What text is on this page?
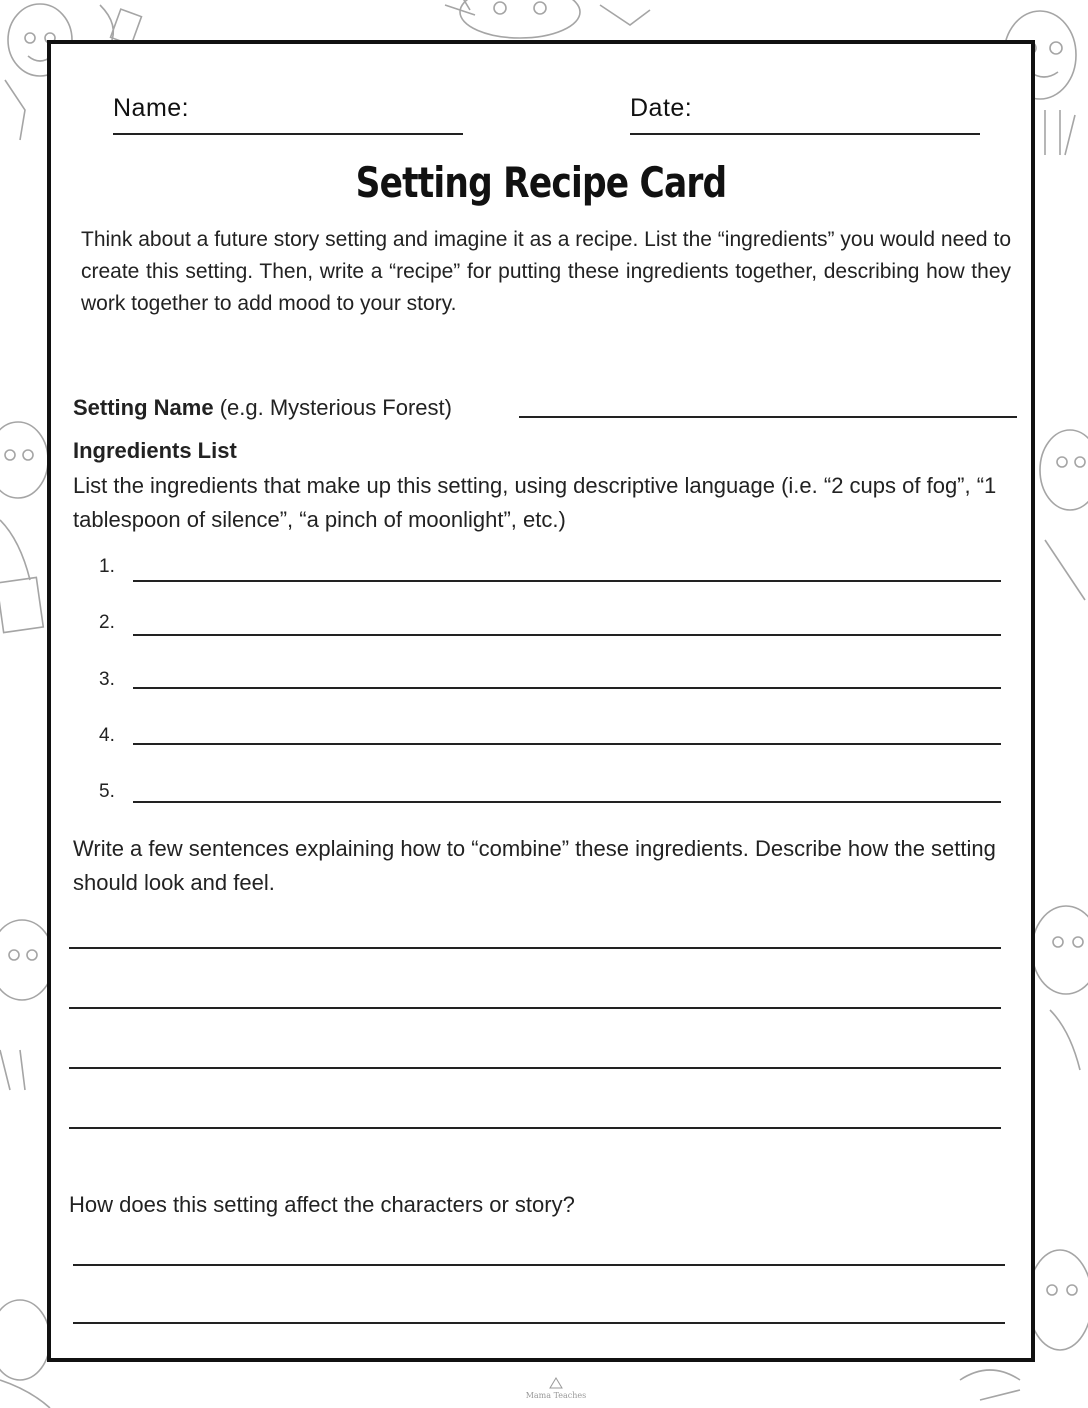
Name:	Date:
Setting Recipe Card
Think about a future story setting and imagine it as a recipe. List the “ingredients” you would need to create this setting. Then, write a “recipe” for putting these ingredients together, describing how they work together to add mood to your story.
Setting Name (e.g. Mysterious Forest)
Ingredients List
List the ingredients that make up this setting, using descriptive language (i.e. “2 cups of fog”, “1 tablespoon of silence”, “a pinch of moonlight”, etc.)
1.
2.
3.
4.
5.
Write a few sentences explaining how to “combine” these ingredients. Describe how the setting should look and feel.
How does this setting affect the characters or story?
Mama Teaches
